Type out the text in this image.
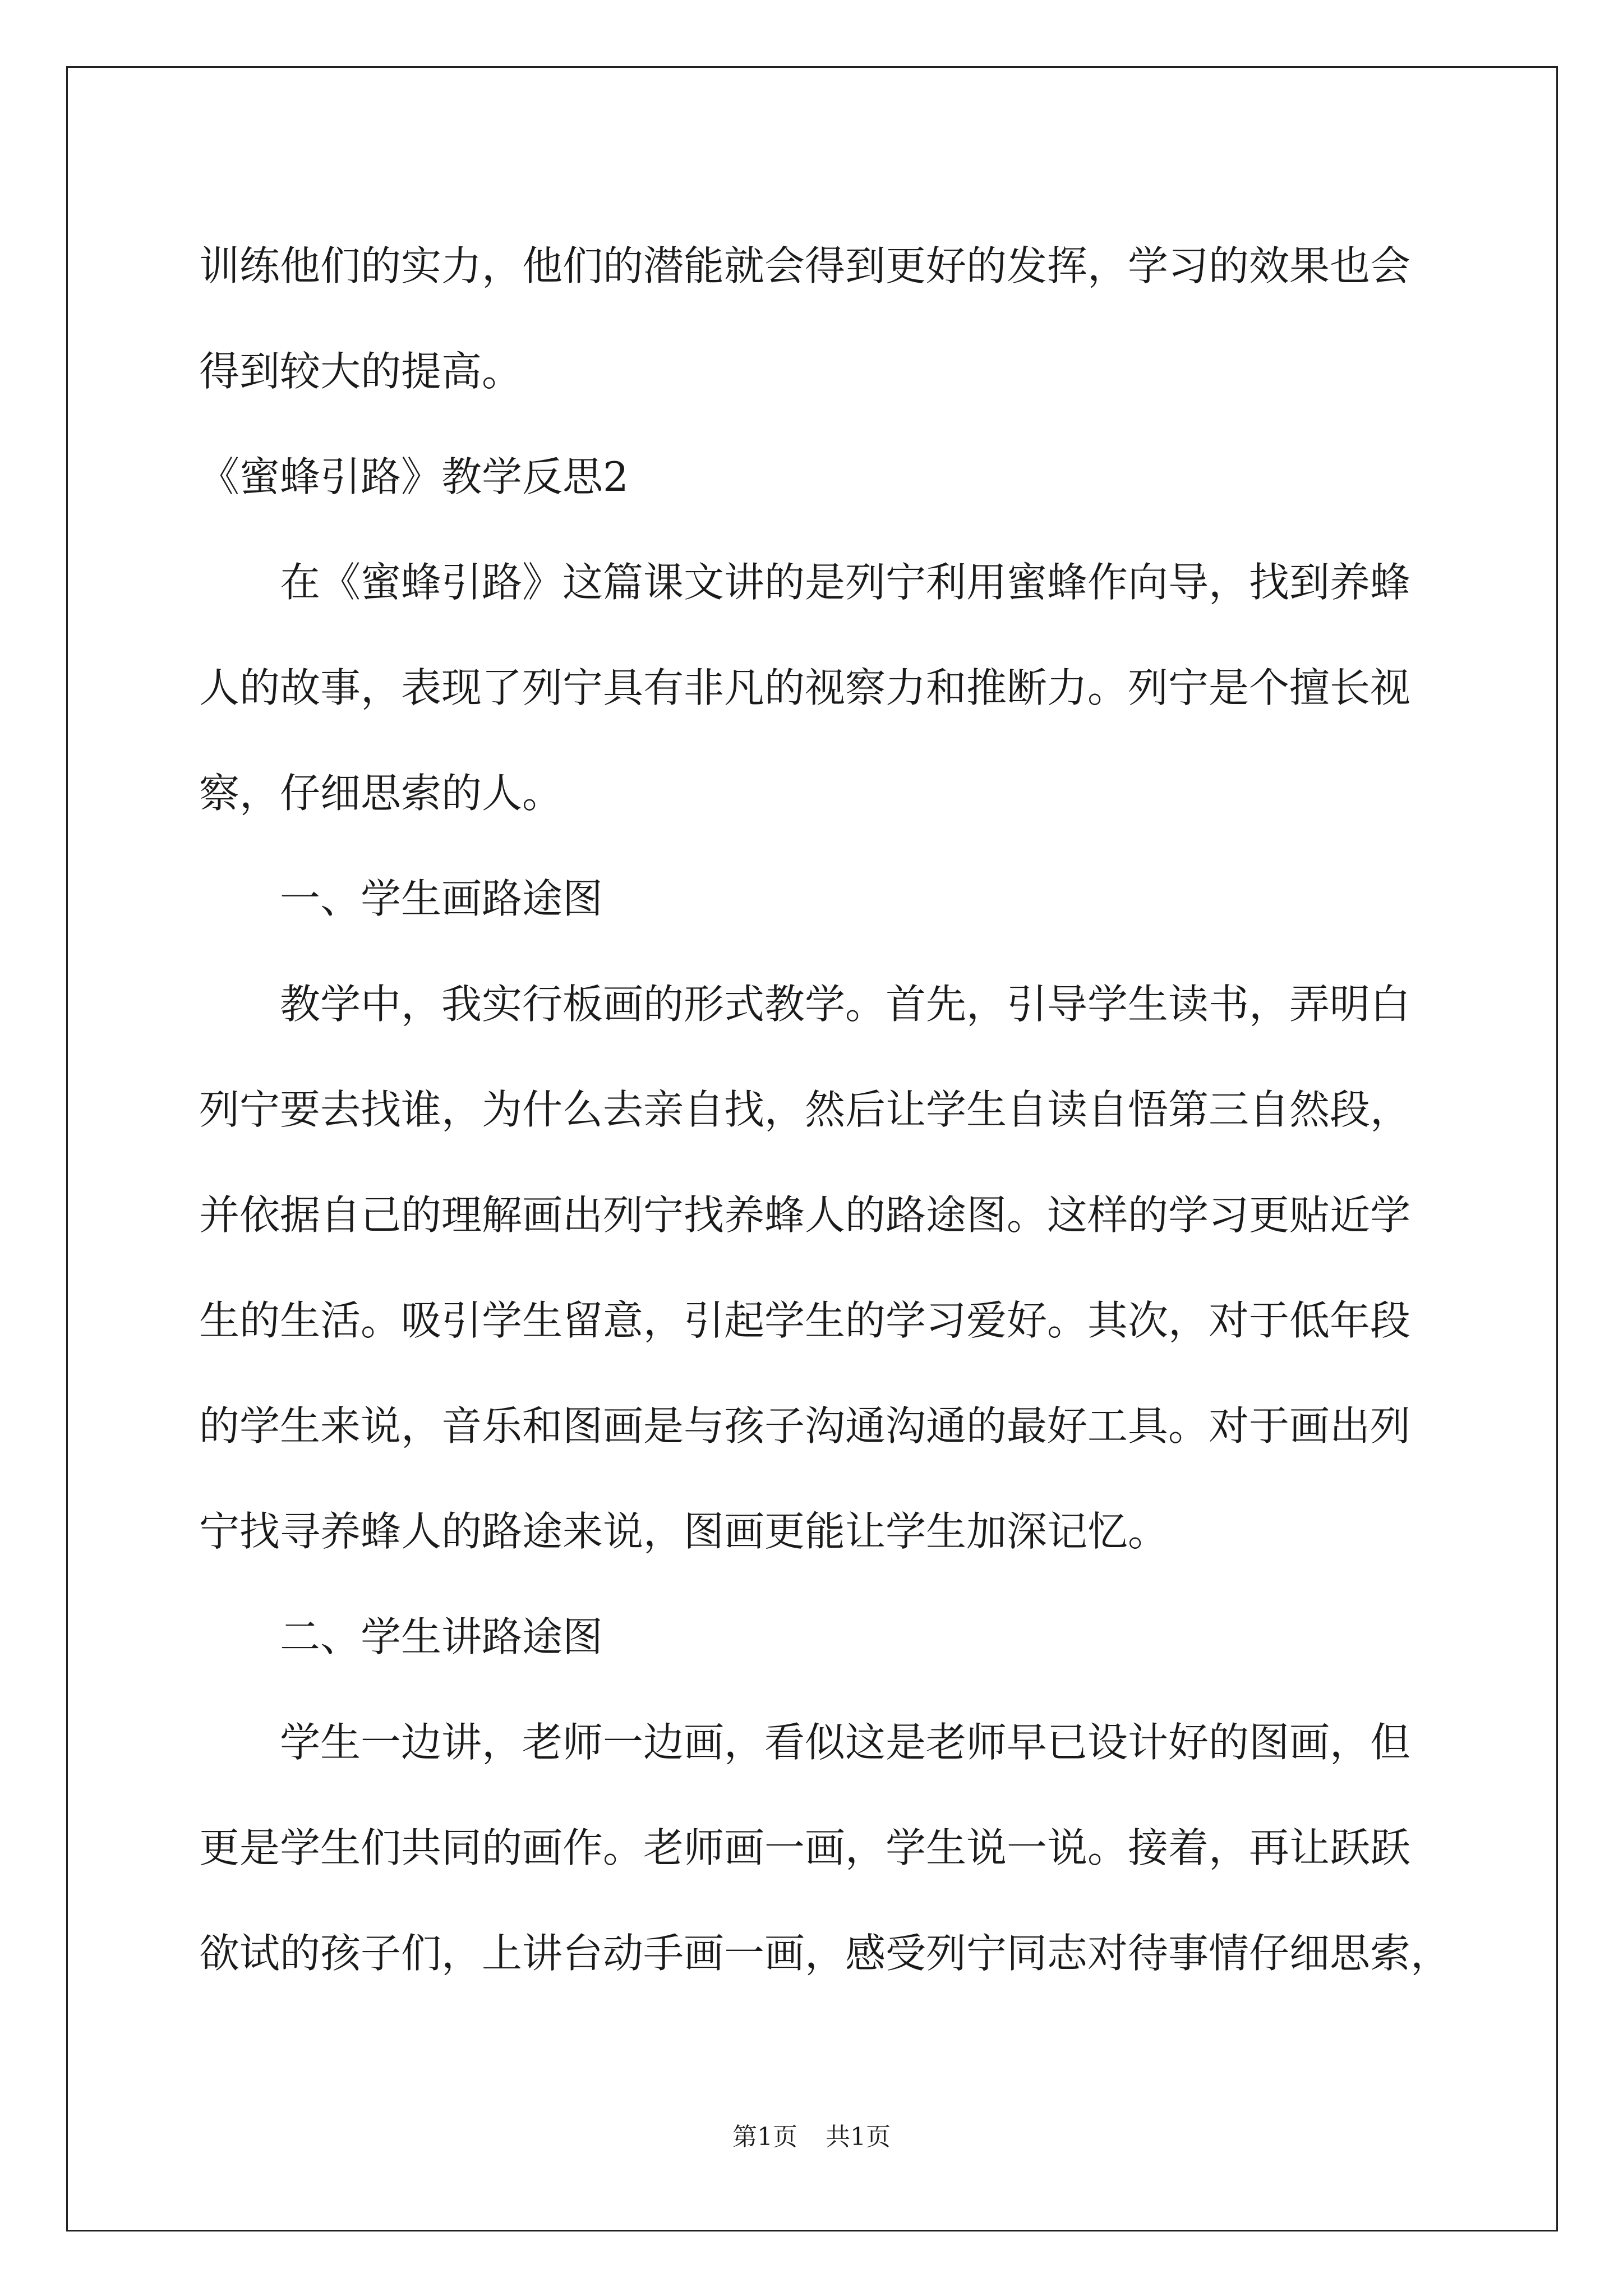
训练他们的实力，他们的潜能就会得到更好的发挥，学习的效果也会

得到较大的提高。

《蜜蜂引路》教学反思2

在《蜜蜂引路》这篇课文讲的是列宁利用蜜蜂作向导，找到养蜂

人的故事，表现了列宁具有非凡的视察力和推断力。列宁是个擅长视

察，仔细思索的人。

一、学生画路途图

教学中，我实行板画的形式教学。首先，引导学生读书，弄明白

列宁要去找谁，为什么去亲自找，然后让学生自读自悟第三自然段，

并依据自己的理解画出列宁找养蜂人的路途图。这样的学习更贴近学

生的生活。吸引学生留意，引起学生的学习爱好。其次，对于低年段

的学生来说，音乐和图画是与孩子沟通沟通的最好工具。对于画出列

宁找寻养蜂人的路途来说，图画更能让学生加深记忆。

二、学生讲路途图

学生一边讲，老师一边画，看似这是老师早已设计好的图画，但

更是学生们共同的画作。老师画一画，学生说一说。接着，再让跃跃

欲试的孩子们，上讲台动手画一画，感受列宁同志对待事情仔细思索，

第1页 共1页
